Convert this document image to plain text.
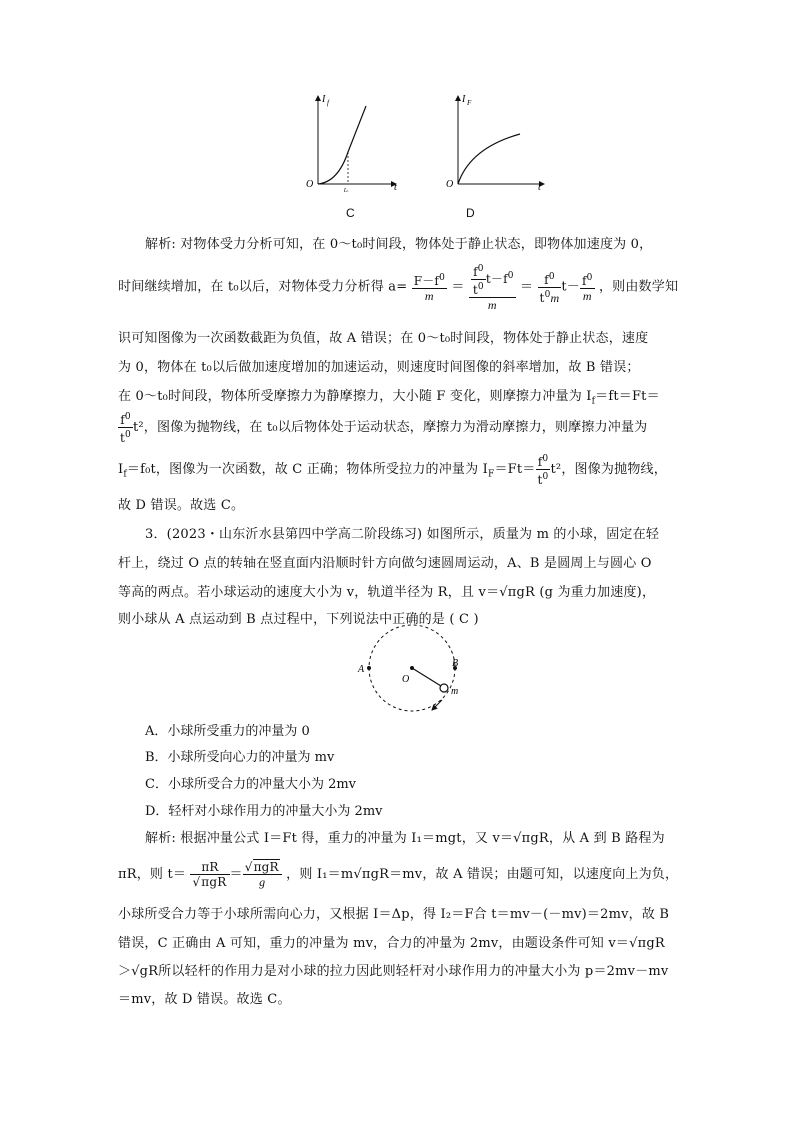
I f
O	t
t₀
C
I F
O	t
D
解析: 对物体受力分析可知，在 0～t₀时间段，物体处于静止状态，即物体加速度为 0，
时间继续增加，在 t₀以后，对物体受力分析得 $a= \frac{F-f^0}{m} = \frac{\frac{f^0}{t^0} t-f^0}{m} = \frac{f^0}{t^0m} t- \frac{f^0}{m}$ ，则由数学知
识可知图像为一次函数截距为负值，故 A 错误；在 0～t₀时间段，物体处于静止状态，速度
为 0，物体在 t₀以后做加速度增加的加速运动，则速度时间图像的斜率增加，故 B 错误；
在 0～t₀时间段，物体所受摩擦力为静摩擦力，大小随 F 变化，则摩擦力冲量为 $I_f=ft=Ft=$
$\frac{f^0}{t^0} t^2$，图像为抛物线，在 t₀以后物体处于运动状态，摩擦力为滑动摩擦力，则摩擦力冲量为
$I_f=f_0t$，图像为一次函数，故 C 正确；物体所受拉力的冲量为 $I_F=Ft= \frac{f^0}{t^0} t^2$，图像为抛物线，
故 D 错误。故选 C。
3．(2023・山东沂水县第四中学高二阶段练习) 如图所示，质量为 m 的小球，固定在轻
杆上，绕过 O 点的转轴在竖直面内沿顺时针方向做匀速圆周运动，A、B 是圆周上与圆心 O
等高的两点。若小球运动的速度大小为 v，轨道半径为 R，且 v＝√πgR (g 为重力加速度)，
则小球从 A 点运动到 B 点过程中，下列说法中正确的是 ( C )
A
B
O
m
A．小球所受重力的冲量为 0
B．小球所受向心力的冲量为 mv
C．小球所受合力的冲量大小为 2mv
D．轻杆对小球作用力的冲量大小为 2mv
解析: 根据冲量公式 I＝Ft 得，重力的冲量为 I₁＝mgt，又 v＝√πgR，从 A 到 B 路程为
πR，则 $t= \frac{\pi R}{\text{√πgR}} = \frac{\text{√πgR}}{g}$ ，则 I₁＝m√πgR＝mv，故 A 错误；由题可知，以速度向上为负，
小球所受合力等于小球所需向心力，又根据 I＝Δp，得 I₂＝F合 t＝mv－(－mv)＝2mv，故 B
错误，C 正确由 A 可知，重力的冲量为 mv，合力的冲量为 2mv，由题设条件可知 v＝√πgR
＞√gR所以轻杆的作用力是对小球的拉力因此则轻杆对小球作用力的冲量大小为 p＝2mv－mv
＝mv，故 D 错误。故选 C。
